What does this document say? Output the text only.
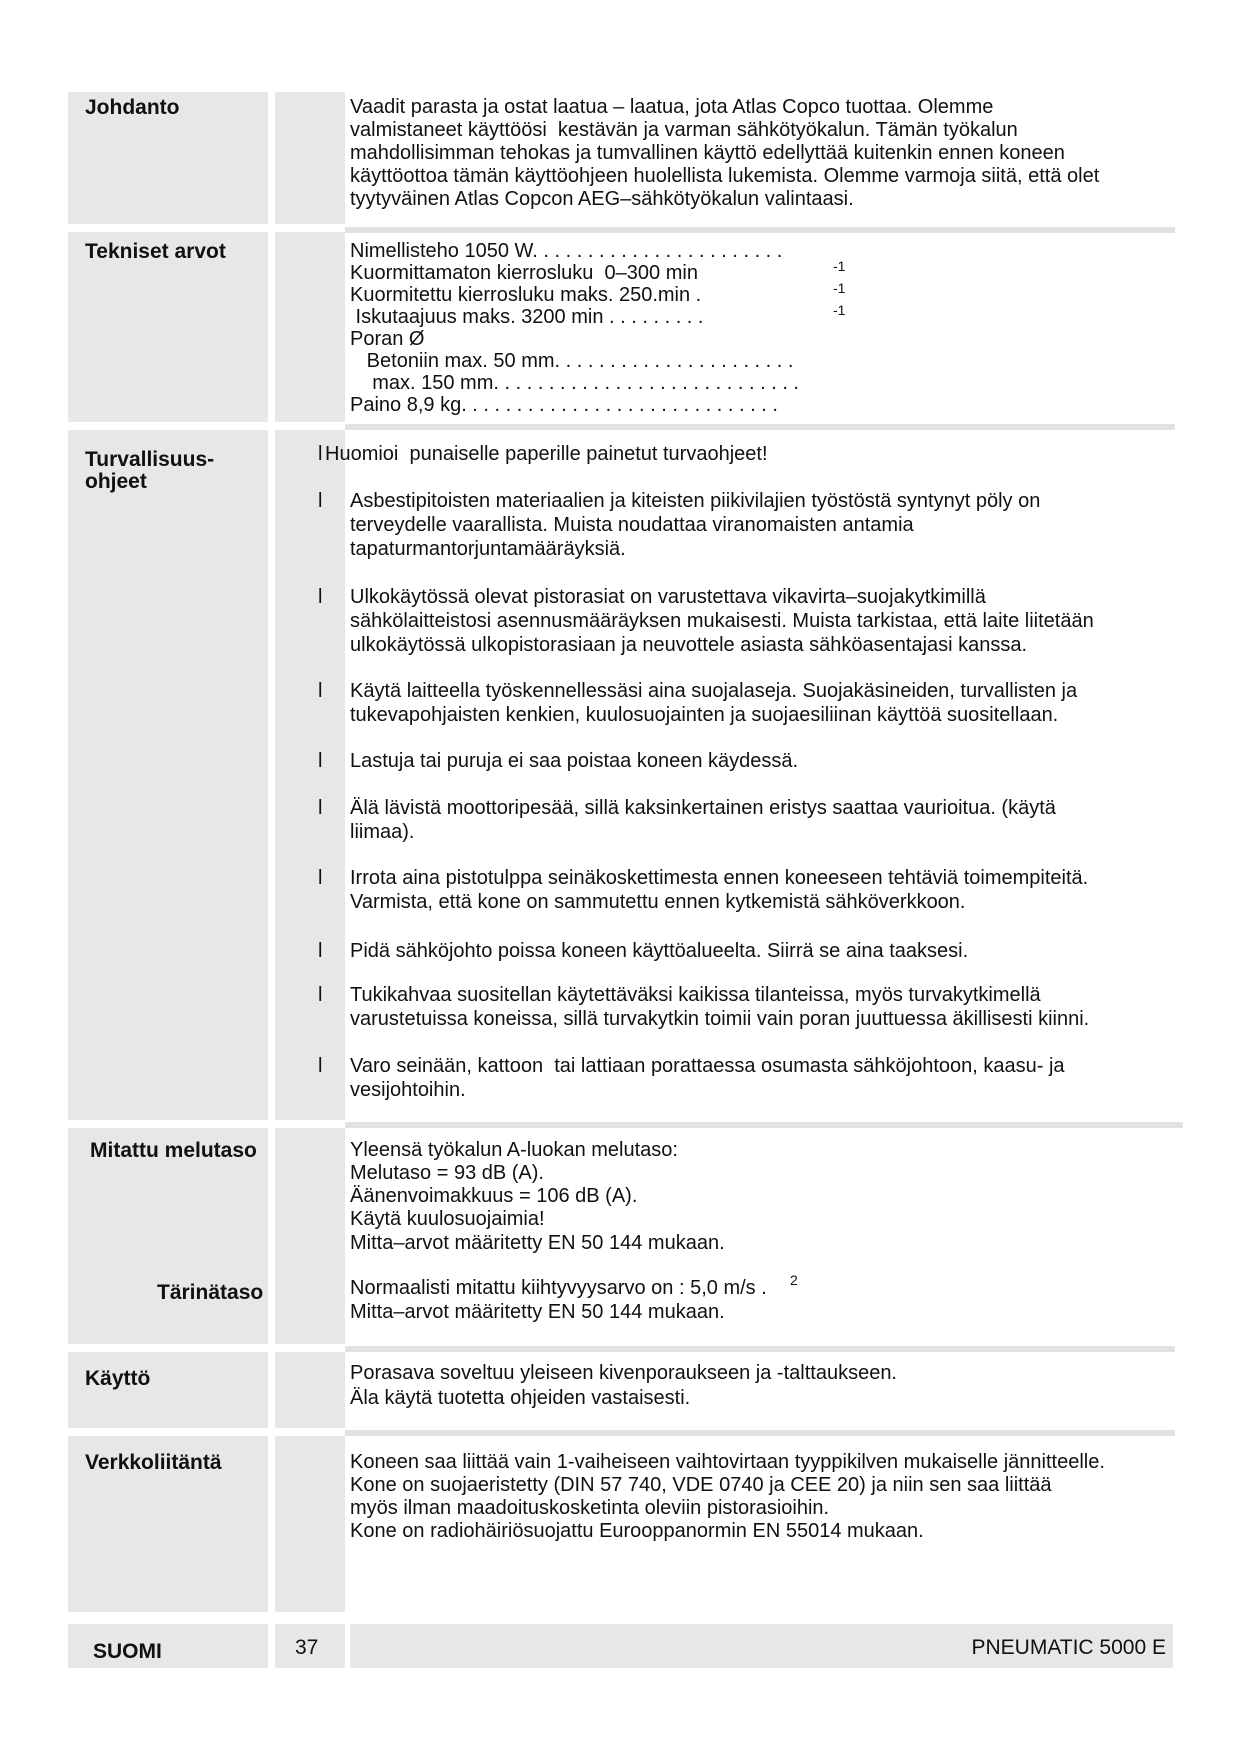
Johdanto
Tekniset arvot
Turvallisuus-
ohjeet
Mitattu melutaso
Tärinätaso
Käyttö
Verkkoliitäntä
Vaadit parasta ja ostat laatua – laatua, jota Atlas Copco tuottaa. Olemme
valmistaneet käyttöösi  kestävän ja varman sähkötyökalun. Tämän työkalun
mahdollisimman tehokas ja tumvallinen käyttö edellyttää kuitenkin ennen koneen
käyttöottoa tämän käyttöohjeen huolellista lukemista. Olemme varmoja siitä, että olet
tyytyväinen Atlas Copcon AEG–sähkötyökalun valintaasi.
Nimellisteho 1050 W. . . . . . . . . . . . . . . . . . . . . . .
Kuormittamaton kierrosluku  0–300 min
Kuormitettu kierrosluku maks. 250.min .
Iskutaajuus maks. 3200 min . . . . . . . . .
Poran Ø
Betoniin max. 50 mm. . . . . . . . . . . . . . . . . . . . . .
max. 150 mm. . . . . . . . . . . . . . . . . . . . . . . . . . . .
Paino 8,9 kg. . . . . . . . . . . . . . . . . . . . . . . . . . . . .
-1
-1
-1
l Huomioi  punaiselle paperille painetut turvaohjeet!
l Asbestipitoisten materiaalien ja kiteisten piikivilajien työstöstä syntynyt pöly on
terveydelle vaarallista. Muista noudattaa viranomaisten antamia
tapaturmantorjuntamääräyksiä.
l Ulkokäytössä olevat pistorasiat on varustettava vikavirta–suojakytkimillä
sähkölaitteistosi asennusmääräyksen mukaisesti. Muista tarkistaa, että laite liitetään
ulkokäytössä ulkopistorasiaan ja neuvottele asiasta sähköasentajasi kanssa.
l Käytä laitteella työskennellessäsi aina suojalaseja. Suojakäsineiden, turvallisten ja
tukevapohjaisten kenkien, kuulosuojainten ja suojaesiliinan käyttöä suositellaan.
l Lastuja tai puruja ei saa poistaa koneen käydessä.
l Älä lävistä moottoripesää, sillä kaksinkertainen eristys saattaa vaurioitua. (käytä
liimaa).
l Irrota aina pistotulppa seinäkoskettimesta ennen koneeseen tehtäviä toimempiteitä.
Varmista, että kone on sammutettu ennen kytkemistä sähköverkkoon.
l Pidä sähköjohto poissa koneen käyttöalueelta. Siirrä se aina taaksesi.
l Tukikahvaa suositellan käytettäväksi kaikissa tilanteissa, myös turvakytkimellä
varustetuissa koneissa, sillä turvakytkin toimii vain poran juuttuessa äkillisesti kiinni.
l Varo seinään, kattoon  tai lattiaan porattaessa osumasta sähköjohtoon, kaasu- ja
vesijohtoihin.
Yleensä työkalun A-luokan melutaso:
Melutaso = 93 dB (A).
Äänenvoimakkuus = 106 dB (A).
Käytä kuulosuojaimia!
Mitta–arvot määritetty EN 50 144 mukaan.
Normaalisti mitattu kiihtyvyysarvo on : 5,0 m/s . 2
Mitta–arvot määritetty EN 50 144 mukaan.
Porasava soveltuu yleiseen kivenporaukseen ja -talttaukseen.
Äla käytä tuotetta ohjeiden vastaisesti.
Koneen saa liittää vain 1-vaiheiseen vaihtovirtaan tyyppikilven mukaiselle jännitteelle.
Kone on suojaeristetty (DIN 57 740, VDE 0740 ja CEE 20) ja niin sen saa liittää
myös ilman maadoituskosketinta oleviin pistorasioihin.
Kone on radiohäiriösuojattu Eurooppanormin EN 55014 mukaan.
SUOMI	37	PNEUMATIC 5000 E
